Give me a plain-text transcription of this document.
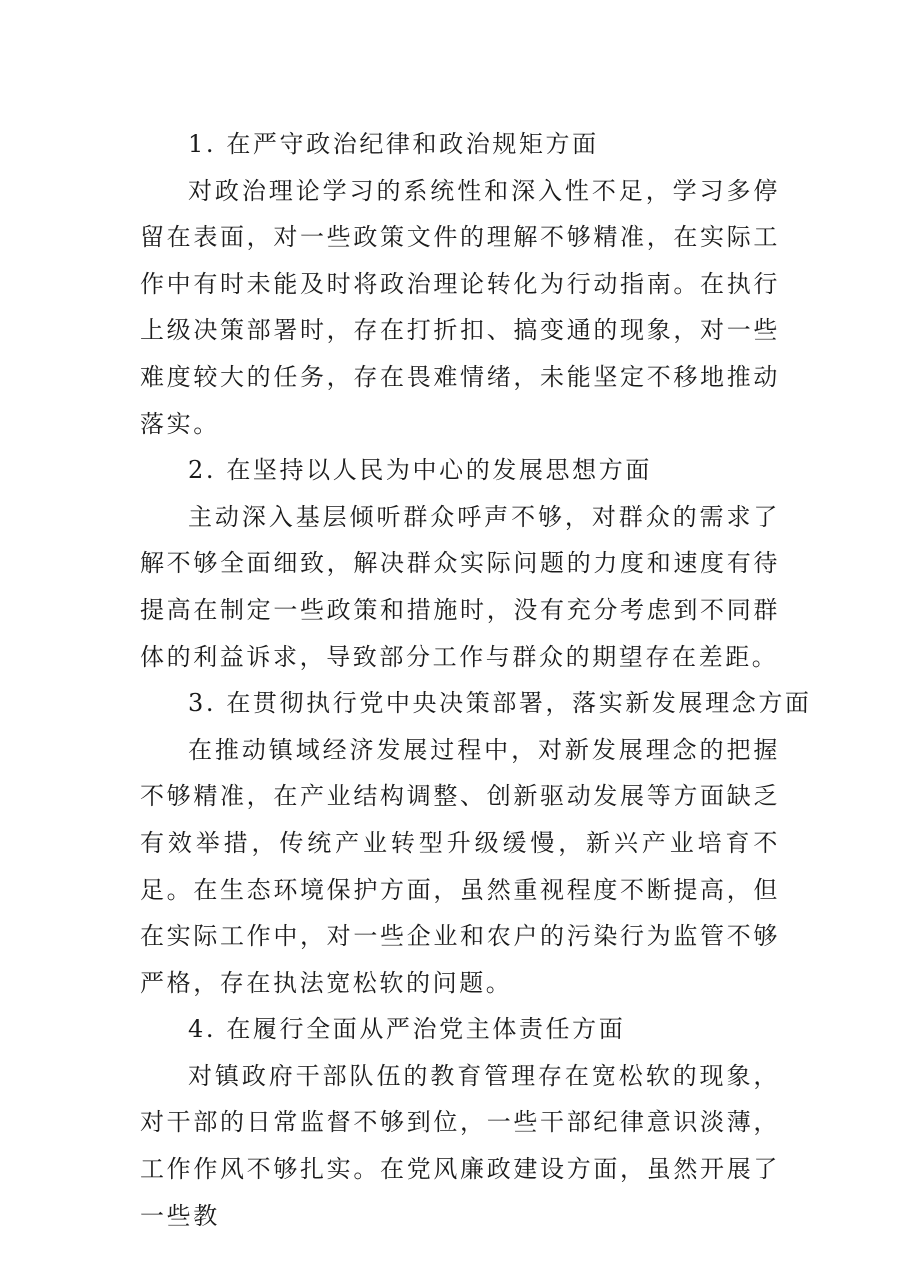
1. 在严守政治纪律和政治规矩方面

对政治理论学习的系统性和深入性不足，学习多停留在表面，对一些政策文件的理解不够精准，在实际工作中有时未能及时将政治理论转化为行动指南。在执行上级决策部署时，存在打折扣、搞变通的现象，对一些难度较大的任务，存在畏难情绪，未能坚定不移地推动落实。

2. 在坚持以人民为中心的发展思想方面

主动深入基层倾听群众呼声不够，对群众的需求了解不够全面细致，解决群众实际问题的力度和速度有待提高在制定一些政策和措施时，没有充分考虑到不同群体的利益诉求，导致部分工作与群众的期望存在差距。

3. 在贯彻执行党中央决策部署，落实新发展理念方面

在推动镇域经济发展过程中，对新发展理念的把握不够精准，在产业结构调整、创新驱动发展等方面缺乏有效举措，传统产业转型升级缓慢，新兴产业培育不足。在生态环境保护方面，虽然重视程度不断提高，但在实际工作中，对一些企业和农户的污染行为监管不够严格，存在执法宽松软的问题。

4. 在履行全面从严治党主体责任方面

对镇政府干部队伍的教育管理存在宽松软的现象，对干部的日常监督不够到位，一些干部纪律意识淡薄，工作作风不够扎实。在党风廉政建设方面，虽然开展了一些教
